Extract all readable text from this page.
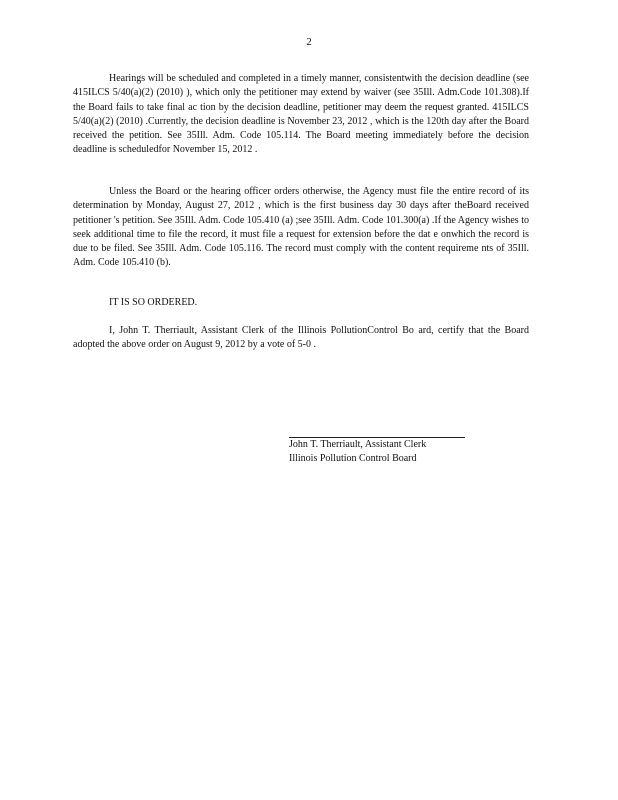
2

Hearings will be scheduled and completed in a timely manner, consistentwith the decision deadline (see 415ILCS 5/40(a)(2) (2010) ), which only the petitioner may extend by waiver (see 35Ill. Adm.Code 101.308).If the Board fails to take final ac tion by the decision deadline, petitioner may deem the request granted. 415ILCS 5/40(a)(2) (2010) .Currently, the decision deadline is November 23, 2012 , which is the 120th day after the Board received the petition. See 35Ill. Adm. Code 105.114. The Board meeting immediately before the decision deadline is scheduledfor November 15, 2012 .

Unless the Board or the hearing officer orders otherwise, the Agency must file the entire record of its determination by Monday, August 27, 2012 , which is the first business day 30 days after theBoard received petitioner 's petition. See 35Ill. Adm. Code 105.410 (a) ;see 35Ill. Adm. Code 101.300(a) .If the Agency wishes to seek additional time to file the record, it must file a request for extension before the dat e onwhich the record is due to be filed. See 35Ill. Adm. Code 105.116. The record must comply with the content requireme nts of 35Ill. Adm. Code 105.410 (b).

IT IS SO ORDERED.

I, John T. Therriault, Assistant Clerk of the Illinois PollutionControl Bo ard, certify that the Board adopted the above order on August 9, 2012 by a vote of 5-0 .

John T. Therriault, Assistant Clerk
Illinois Pollution Control Board
